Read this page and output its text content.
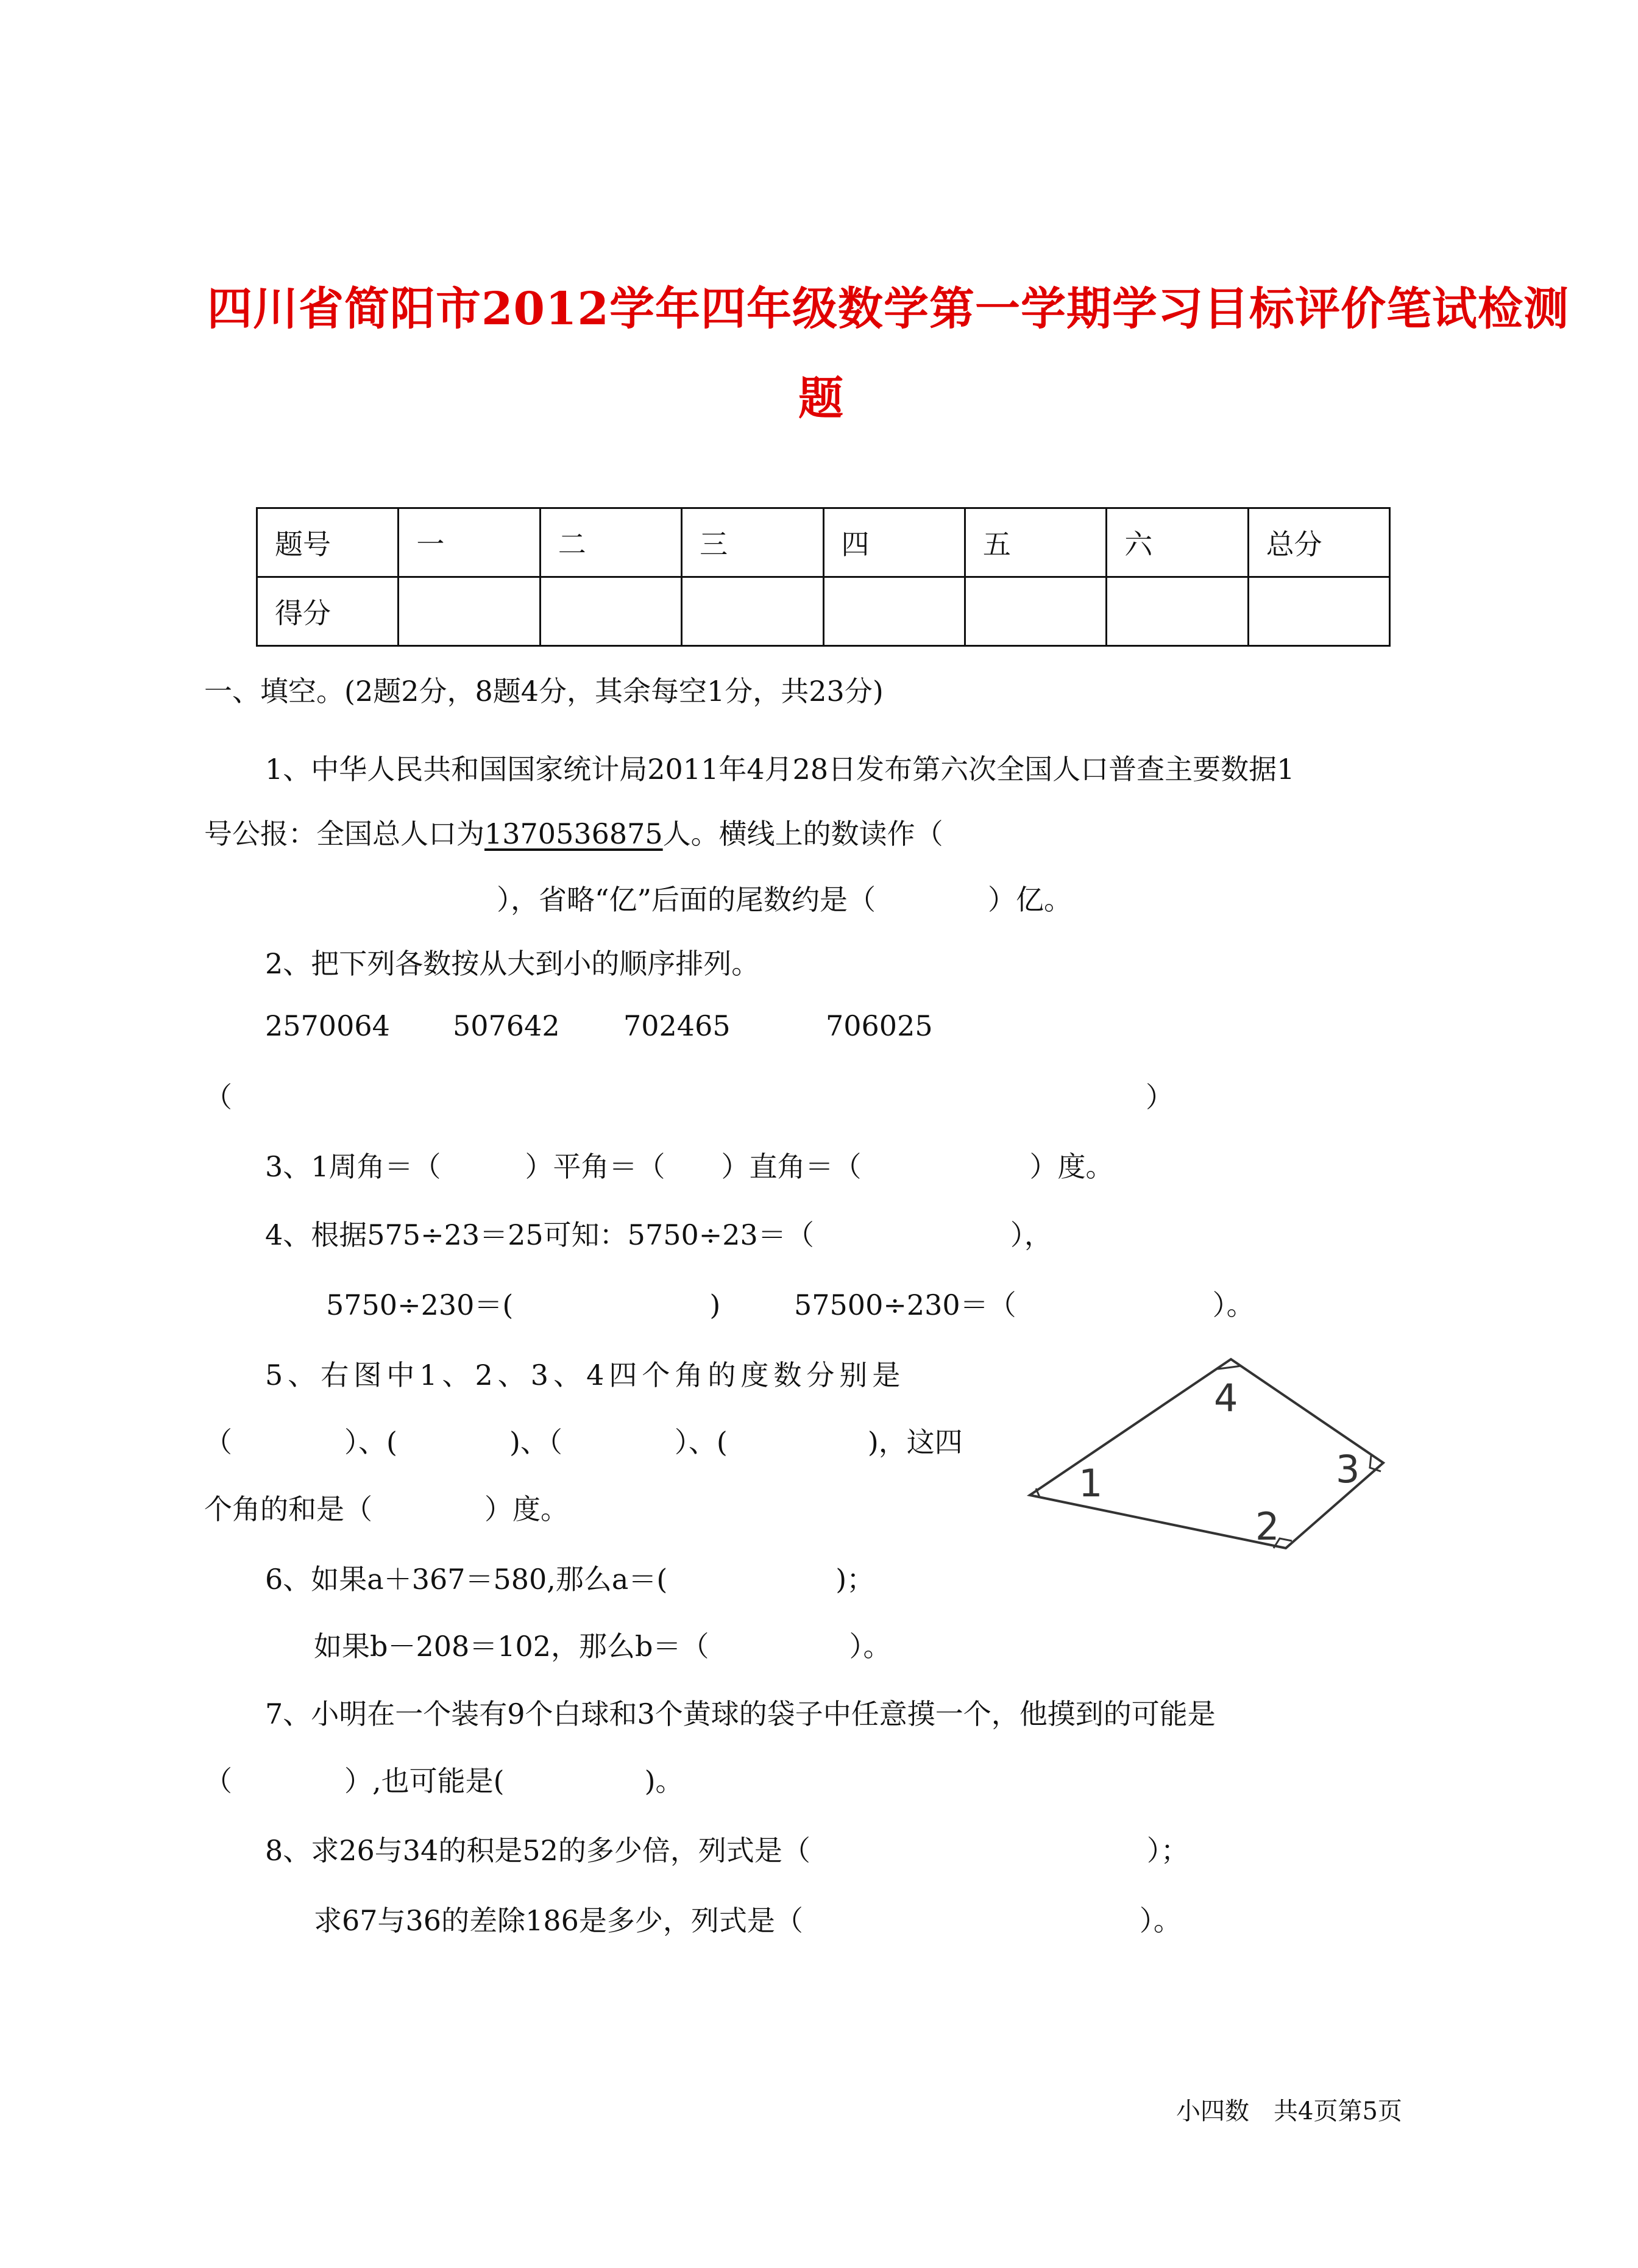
四川省简阳市2012学年四年级数学第一学期学习目标评价笔试检测
题
题号	一	二	三	四	五	六	总分
得分							
一、填空。(2题2分，8题4分，其余每空1分，共23分)
1、中华人民共和国国家统计局2011年4月28日发布第六次全国人口普查主要数据1
号公报：全国总人口为1370536875人。横线上的数读作（
），省略“亿”后面的尾数约是（　　　　）亿。
2、把下列各数按从大到小的顺序排列。
2570064 507642 702465	706025
（	）
3、1周角＝（　　　）平角＝（　　）直角＝（　　　　　　）度。
4、根据575÷23＝25可知：5750÷23＝（　　　　　　　），
5750÷230＝(　　　　　　　)	57500÷230＝（　　　　　　　）。
5、右图中1、2、3、4四个角的度数分别是
（　　　　）、(　　　　)、（　　　　）、(　　　　　)，这四
个角的和是（　　　　）度。
1
2
3
4
6、如果a＋367＝580,那么a＝(　　　　　　)；
如果b－208＝102，那么b＝（　　　　　）。
7、小明在一个装有9个白球和3个黄球的袋子中任意摸一个，他摸到的可能是
（　　　　）,也可能是(　　　　　)。
8、求26与34的积是52的多少倍，列式是（　　　　　　　　　　　　）；
求67与36的差除186是多少，列式是（　　　　　　　　　　　　）。
小四数　共4页第5页
